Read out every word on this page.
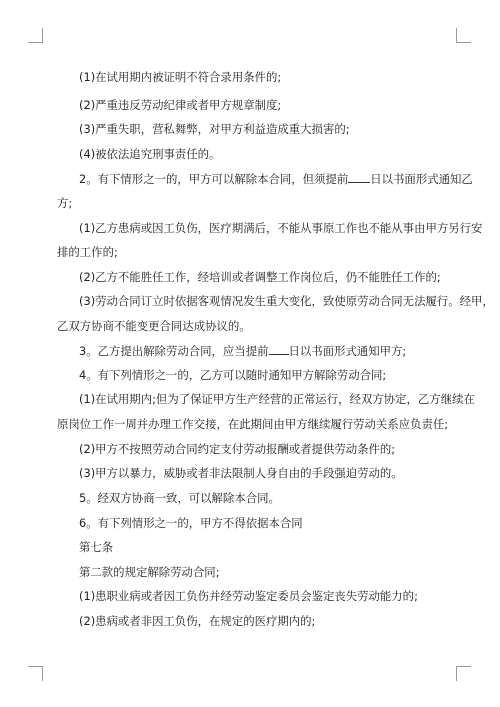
(1)在试用期内被证明不符合录用条件的;
(2)严重违反劳动纪律或者甲方规章制度;
(3)严重失职，营私舞弊，对甲方利益造成重大损害的;
(4)被依法追究刑事责任的。
2。有下情形之一的，甲方可以解除本合同，但须提前 日以书面形式通知乙
方;
(1)乙方患病或因工负伤，医疗期满后，不能从事原工作也不能从事由甲方另行安
排的工作的;
(2)乙方不能胜任工作，经培训或者调整工作岗位后，仍不能胜任工作的;
(3)劳动合同订立时依据客观情况发生重大变化，致使原劳动合同无法履行。经甲，
乙双方协商不能变更合同达成协议的。
3。乙方提出解除劳动合同，应当提前 日以书面形式通知甲方;
4。有下列情形之一的，乙方可以随时通知甲方解除劳动合同;
(1)在试用期内;但为了保证甲方生产经营的正常运行，经双方协定，乙方继续在
原岗位工作一周并办理工作交接，在此期间由甲方继续履行劳动关系应负责任;
(2)甲方不按照劳动合同约定支付劳动报酬或者提供劳动条件的;
(3)甲方以暴力，威胁或者非法限制人身自由的手段强迫劳动的。
5。经双方协商一致，可以解除本合同。
6。有下列情形之一的，甲方不得依据本合同
第七条
第二款的规定解除劳动合同;
(1)患职业病或者因工负伤并经劳动鉴定委员会鉴定丧失劳动能力的;
(2)患病或者非因工负伤，在规定的医疗期内的;
